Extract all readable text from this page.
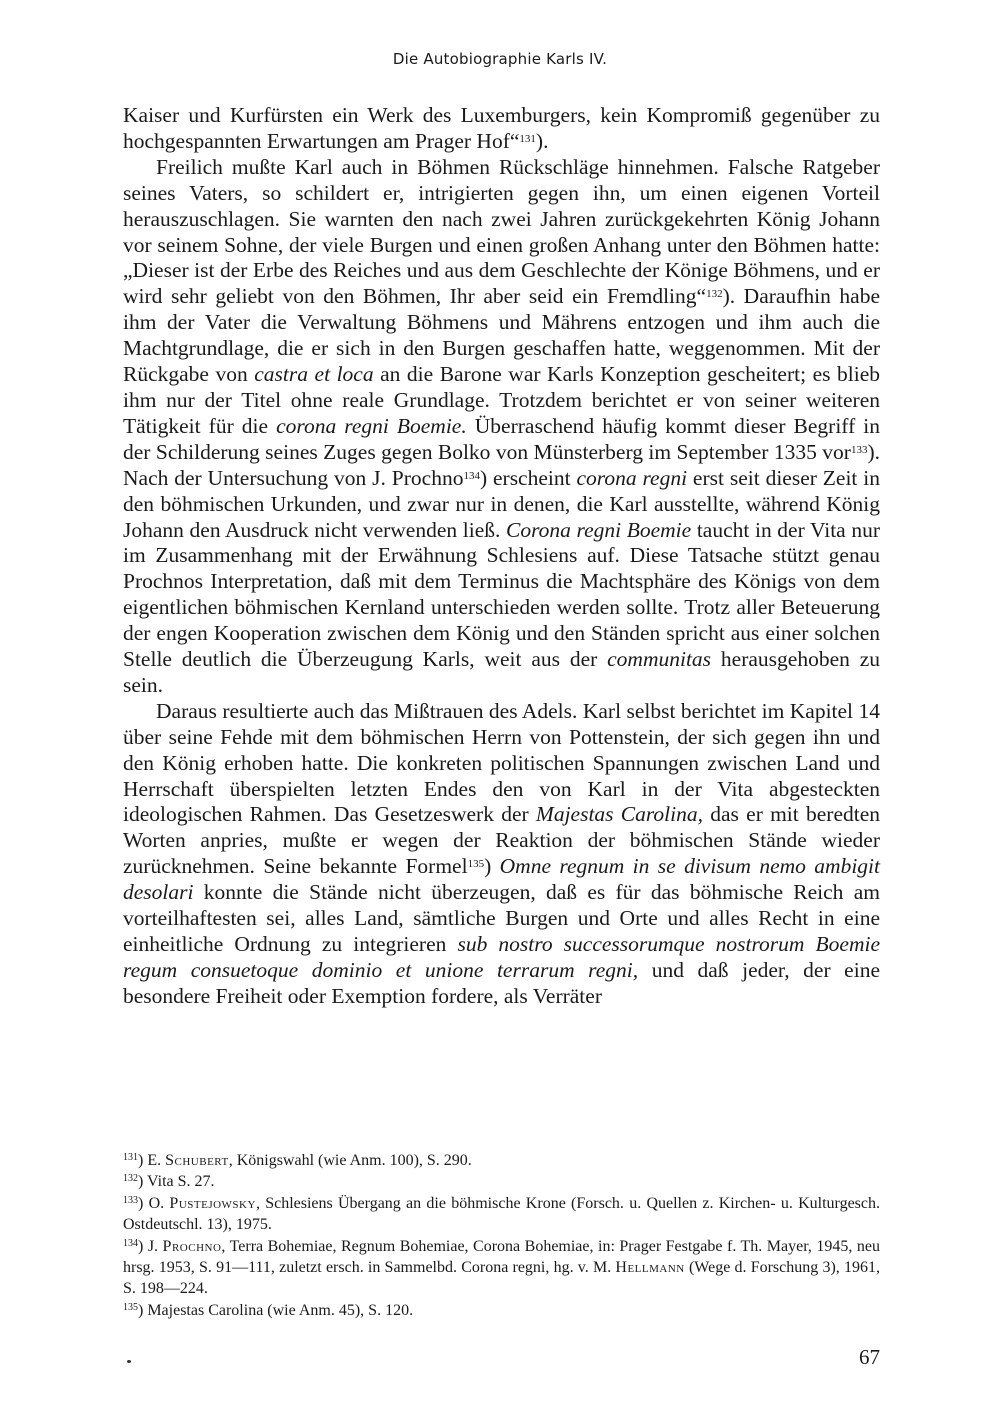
Die Autobiographie Karls IV.

Kaiser und Kurfürsten ein Werk des Luxemburgers, kein Kompromiß gegenüber zu hochgespannten Erwartungen am Prager Hof“$^{131}$).

Freilich mußte Karl auch in Böhmen Rückschläge hinnehmen. Falsche Ratgeber seines Vaters, so schildert er, intrigierten gegen ihn, um einen eigenen Vorteil herauszuschlagen. Sie warnten den nach zwei Jahren zurückgekehrten König Johann vor seinem Sohne, der viele Burgen und einen großen Anhang unter den Böhmen hatte: „Dieser ist der Erbe des Reiches und aus dem Geschlechte der Könige Böhmens, und er wird sehr geliebt von den Böhmen, Ihr aber seid ein Fremdling“$^{132}$). Daraufhin habe ihm der Vater die Verwaltung Böhmens und Mährens entzogen und ihm auch die Machtgrundlage, die er sich in den Burgen geschaffen hatte, weggenommen. Mit der Rückgabe von castra et loca an die Barone war Karls Konzeption gescheitert; es blieb ihm nur der Titel ohne reale Grundlage. Trotzdem berichtet er von seiner weiteren Tätigkeit für die corona regni Boemie. Überraschend häufig kommt dieser Begriff in der Schilderung seines Zuges gegen Bolko von Münsterberg im September 1335 vor$^{133}$). Nach der Untersuchung von J. Prochno$^{134}$) erscheint corona regni erst seit dieser Zeit in den böhmischen Urkunden, und zwar nur in denen, die Karl ausstellte, während König Johann den Ausdruck nicht verwenden ließ. Corona regni Boemie taucht in der Vita nur im Zusammenhang mit der Erwähnung Schlesiens auf. Diese Tatsache stützt genau Prochnos Interpretation, daß mit dem Terminus die Machtsphäre des Königs von dem eigentlichen böhmischen Kernland unterschieden werden sollte. Trotz aller Beteuerung der engen Kooperation zwischen dem König und den Ständen spricht aus einer solchen Stelle deutlich die Überzeugung Karls, weit aus der communitas herausgehoben zu sein.

Daraus resultierte auch das Mißtrauen des Adels. Karl selbst berichtet im Kapitel 14 über seine Fehde mit dem böhmischen Herrn von Pottenstein, der sich gegen ihn und den König erhoben hatte. Die konkreten politischen Spannungen zwischen Land und Herrschaft überspielten letzten Endes den von Karl in der Vita abgesteckten ideologischen Rahmen. Das Gesetzeswerk der Majestas Carolina, das er mit beredten Worten anpries, mußte er wegen der Reaktion der böhmischen Stände wieder zurücknehmen. Seine bekannte Formel$^{135}$) Omne regnum in se divisum nemo ambigit desolari konnte die Stände nicht überzeugen, daß es für das böhmische Reich am vorteilhaftesten sei, alles Land, sämtliche Burgen und Orte und alles Recht in eine einheitliche Ordnung zu integrieren sub nostro successorumque nostrorum Boemie regum consuetoque dominio et unione terrarum regni, und daß jeder, der eine besondere Freiheit oder Exemption fordere, als Verräter

$^{131}$) E. Schubert, Königswahl (wie Anm. 100), S. 290.
$^{132}$) Vita S. 27.
$^{133}$) O. Pustejowsky, Schlesiens Übergang an die böhmische Krone (Forsch. u. Quellen z. Kirchen- u. Kulturgesch. Ostdeutschl. 13), 1975.
$^{134}$) J. Prochno, Terra Bohemiae, Regnum Bohemiae, Corona Bohemiae, in: Prager Festgabe f. Th. Mayer, 1945, neu hrsg. 1953, S. 91—111, zuletzt ersch. in Sammelbd. Corona regni, hg. v. M. Hellmann (Wege d. Forschung 3), 1961, S. 198—224.
$^{135}$) Majestas Carolina (wie Anm. 45), S. 120.
67
